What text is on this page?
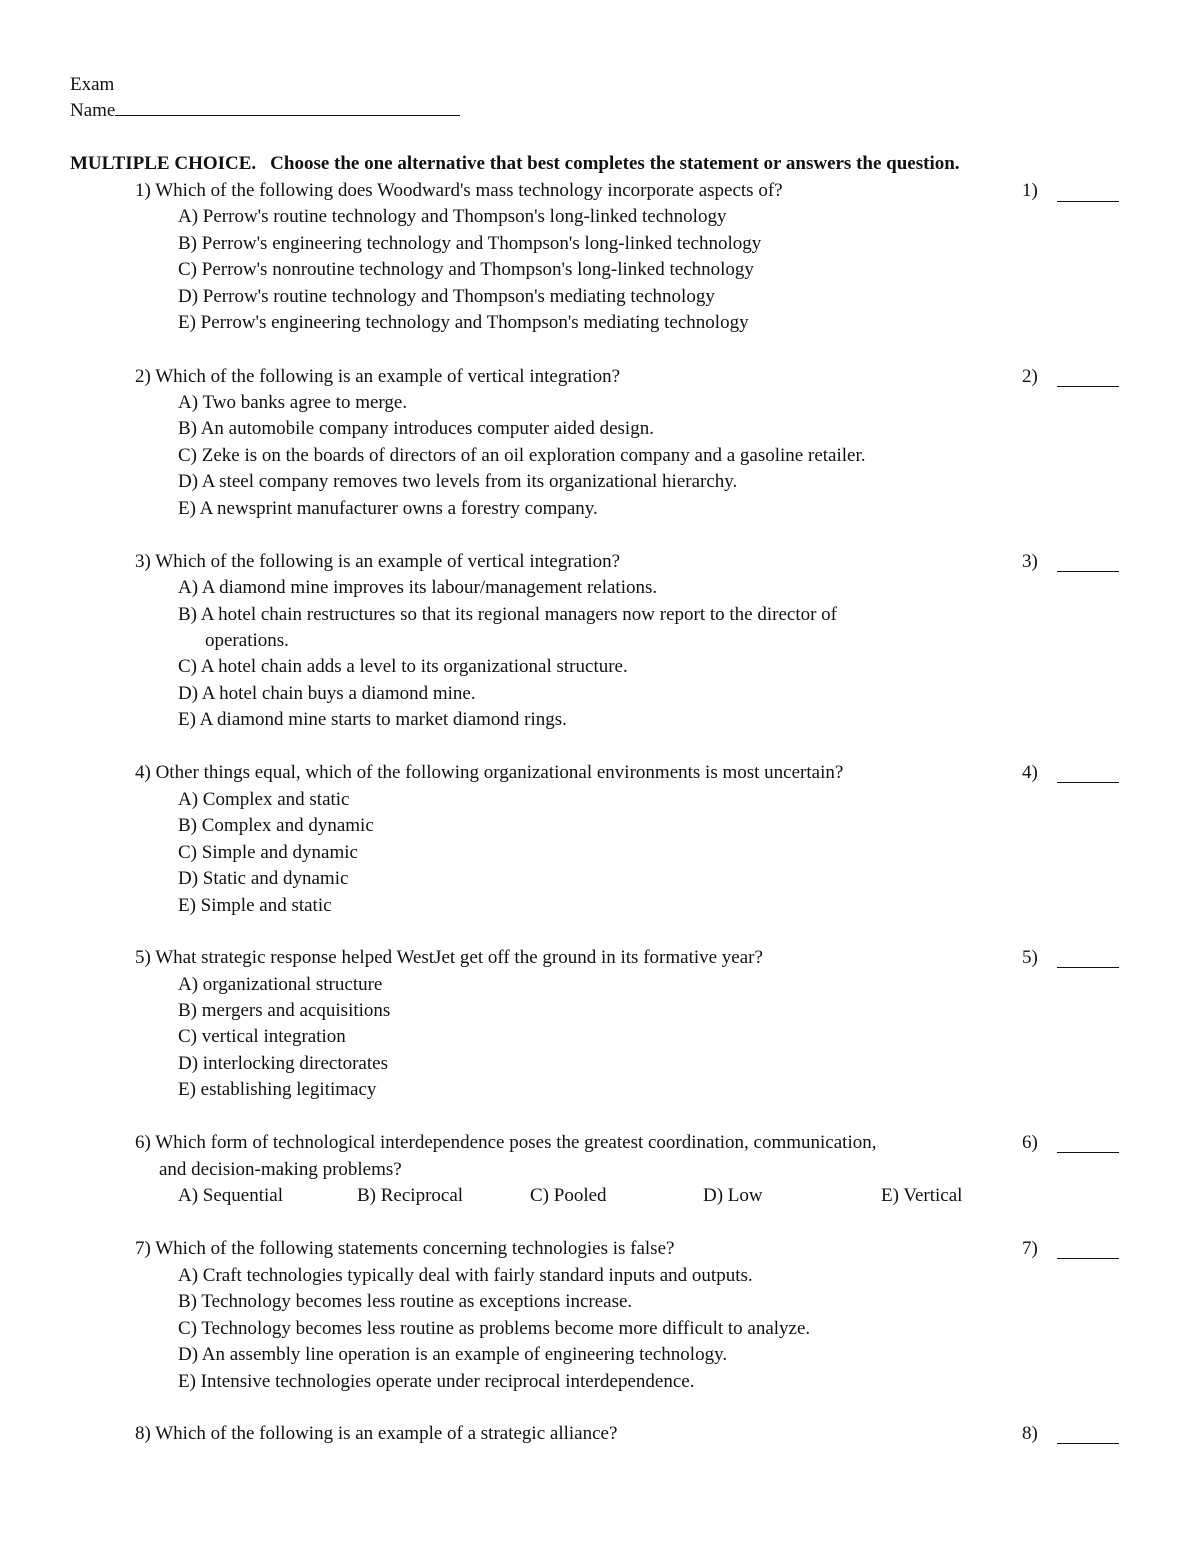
Exam
Name
MULTIPLE CHOICE. Choose the one alternative that best completes the statement or answers the question.
1) Which of the following does Woodward's mass technology incorporate aspects of?	1)
A) Perrow's routine technology and Thompson's long-linked technology
B) Perrow's engineering technology and Thompson's long-linked technology
C) Perrow's nonroutine technology and Thompson's long-linked technology
D) Perrow's routine technology and Thompson's mediating technology
E) Perrow's engineering technology and Thompson's mediating technology
2) Which of the following is an example of vertical integration?	2)
A) Two banks agree to merge.
B) An automobile company introduces computer aided design.
C) Zeke is on the boards of directors of an oil exploration company and a gasoline retailer.
D) A steel company removes two levels from its organizational hierarchy.
E) A newsprint manufacturer owns a forestry company.
3) Which of the following is an example of vertical integration?	3)
A) A diamond mine improves its labour/management relations.
B) A hotel chain restructures so that its regional managers now report to the director of
operations.
C) A hotel chain adds a level to its organizational structure.
D) A hotel chain buys a diamond mine.
E) A diamond mine starts to market diamond rings.
4) Other things equal, which of the following organizational environments is most uncertain?	4)
A) Complex and static
B) Complex and dynamic
C) Simple and dynamic
D) Static and dynamic
E) Simple and static
5) What strategic response helped WestJet get off the ground in its formative year?	5)
A) organizational structure
B) mergers and acquisitions
C) vertical integration
D) interlocking directorates
E) establishing legitimacy
6) Which form of technological interdependence poses the greatest coordination, communication,
and decision-making problems?
6)
A) Sequential	B) Reciprocal	C) Pooled	D) Low	E) Vertical
7) Which of the following statements concerning technologies is false?	7)
A) Craft technologies typically deal with fairly standard inputs and outputs.
B) Technology becomes less routine as exceptions increase.
C) Technology becomes less routine as problems become more difficult to analyze.
D) An assembly line operation is an example of engineering technology.
E) Intensive technologies operate under reciprocal interdependence.
8) Which of the following is an example of a strategic alliance?	8)
